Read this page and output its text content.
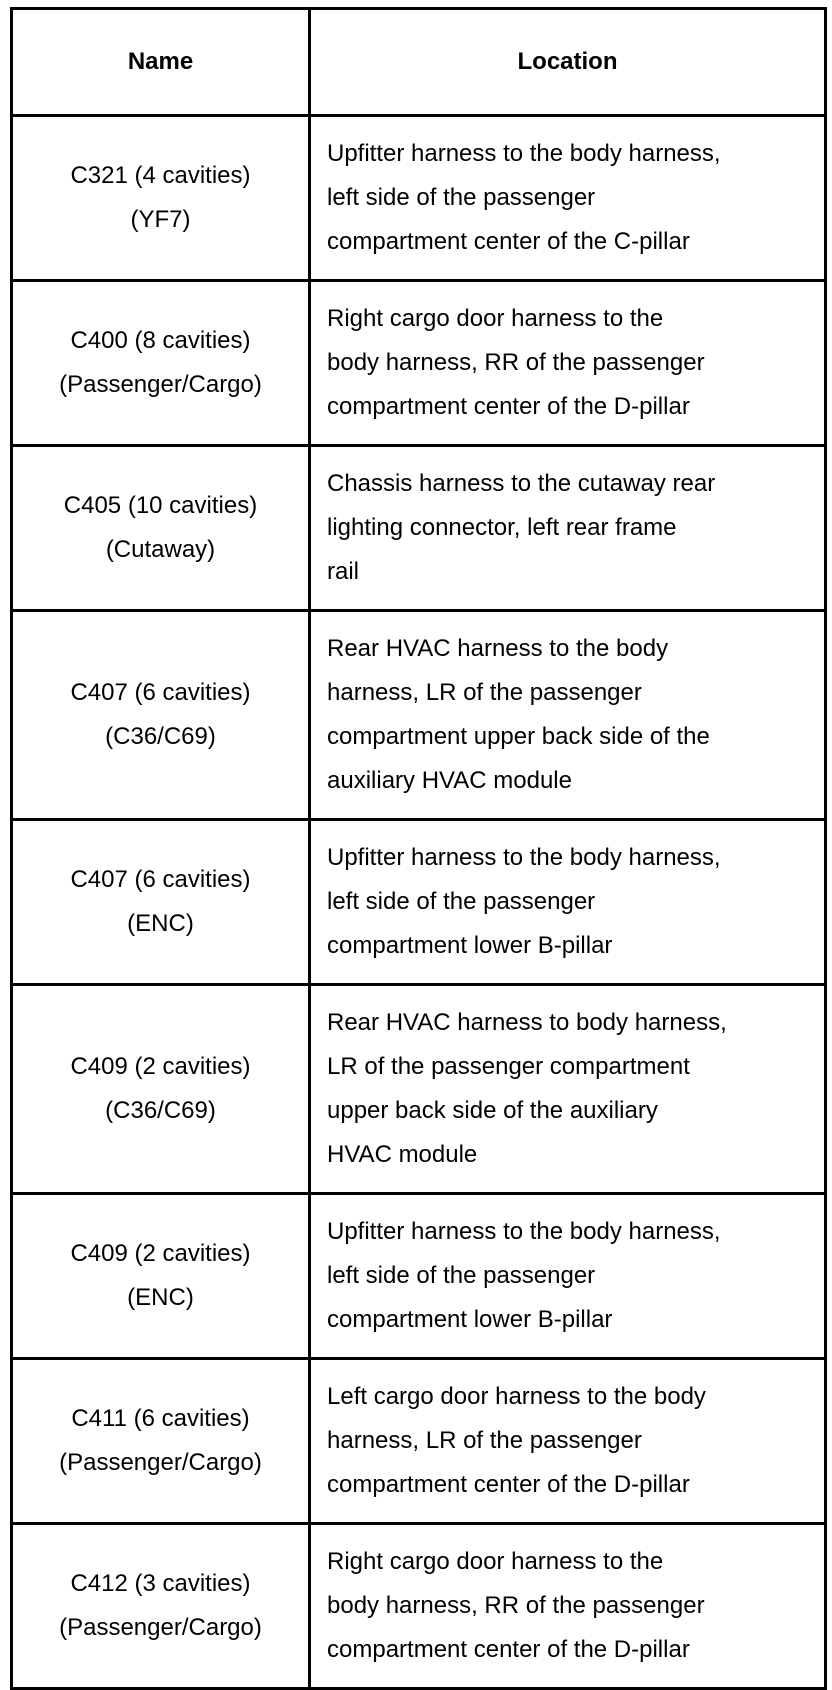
Name	Location

C321 (4 cavities)
(YF7)	Upfitter harness to the body harness,
left side of the passenger
compartment center of the C-pillar

C400 (8 cavities)
(Passenger/Cargo)	Right cargo door harness to the
body harness, RR of the passenger
compartment center of the D-pillar

C405 (10 cavities)
(Cutaway)	Chassis harness to the cutaway rear
lighting connector, left rear frame
rail

C407 (6 cavities)
(C36/C69)	Rear HVAC harness to the body
harness, LR of the passenger
compartment upper back side of the
auxiliary HVAC module

C407 (6 cavities)
(ENC)	Upfitter harness to the body harness,
left side of the passenger
compartment lower B-pillar

C409 (2 cavities)
(C36/C69)	Rear HVAC harness to body harness,
LR of the passenger compartment
upper back side of the auxiliary
HVAC module

C409 (2 cavities)
(ENC)	Upfitter harness to the body harness,
left side of the passenger
compartment lower B-pillar

C411 (6 cavities)
(Passenger/Cargo)	Left cargo door harness to the body
harness, LR of the passenger
compartment center of the D-pillar

C412 (3 cavities)
(Passenger/Cargo)	Right cargo door harness to the
body harness, RR of the passenger
compartment center of the D-pillar
